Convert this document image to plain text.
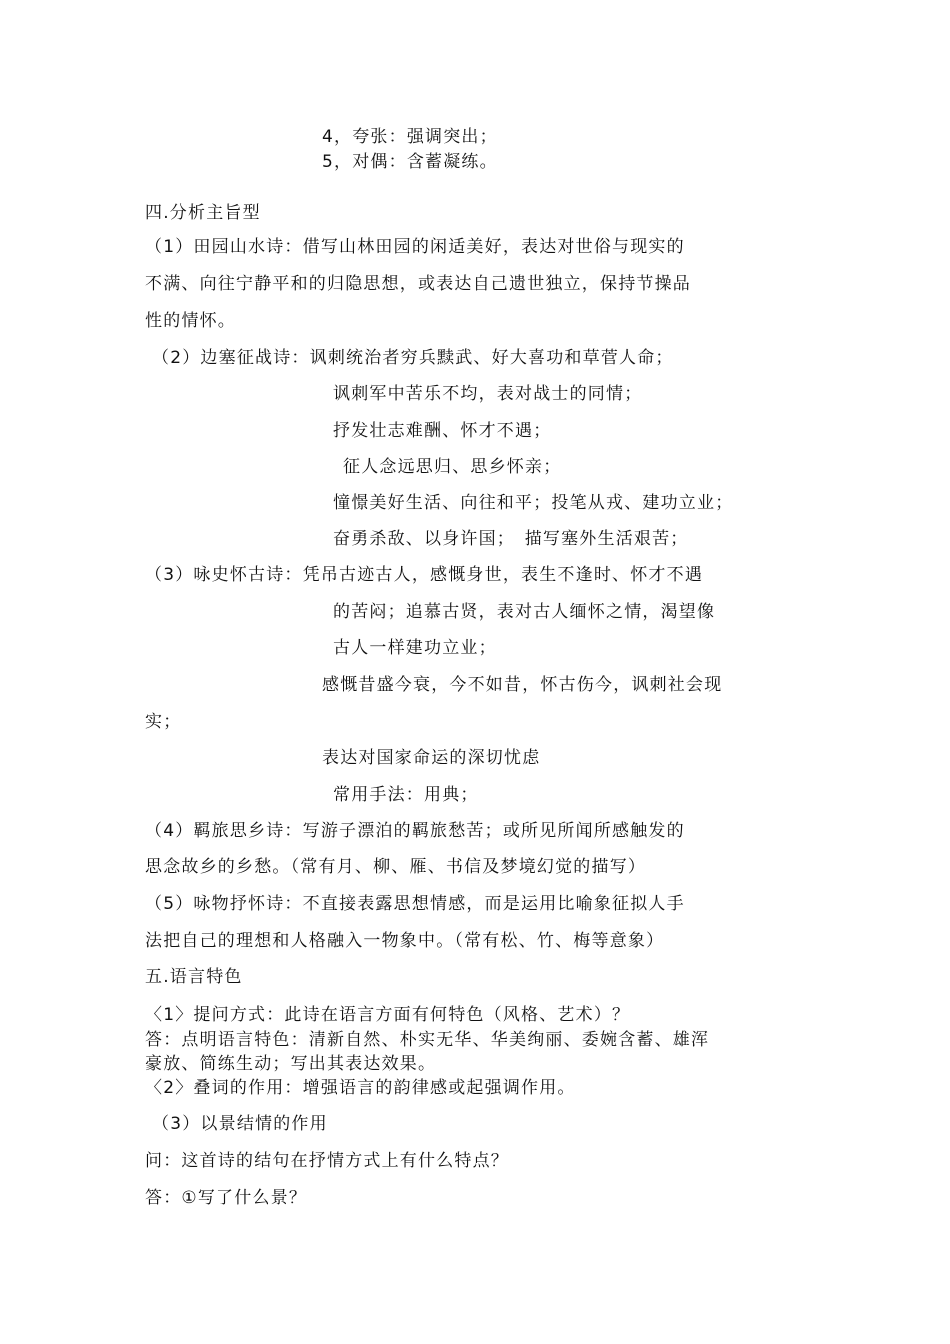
4，夸张：强调突出；
5，对偶：含蓄凝练。
四.分析主旨型
（1）田园山水诗：借写山林田园的闲适美好，表达对世俗与现实的
不满、向往宁静平和的归隐思想，或表达自己遗世独立，保持节操品
性的情怀。
（2）边塞征战诗：讽刺统治者穷兵黩武、好大喜功和草菅人命；
讽刺军中苦乐不均，表对战士的同情；
抒发壮志难酬、怀才不遇；
征人念远思归、思乡怀亲；
憧憬美好生活、向往和平；投笔从戎、建功立业；
奋勇杀敌、以身许国；　描写塞外生活艰苦；
（3）咏史怀古诗：凭吊古迹古人，感慨身世，表生不逢时、怀才不遇
的苦闷；追慕古贤，表对古人缅怀之情，渴望像
古人一样建功立业；
感慨昔盛今衰，今不如昔，怀古伤今，讽刺社会现
实；
表达对国家命运的深切忧虑
常用手法：用典；
（4）羁旅思乡诗：写游子漂泊的羁旅愁苦；或所见所闻所感触发的
思念故乡的乡愁。（常有月、柳、雁、书信及梦境幻觉的描写）
（5）咏物抒怀诗：不直接表露思想情感，而是运用比喻象征拟人手
法把自己的理想和人格融入一物象中。（常有松、竹、梅等意象）
五.语言特色
〈1〉提问方式：此诗在语言方面有何特色（风格、艺术）？
答：点明语言特色：清新自然、朴实无华、华美绚丽、委婉含蓄、雄浑
豪放、简练生动；写出其表达效果。
〈2〉叠词的作用：增强语言的韵律感或起强调作用。
（3）以景结情的作用
问：这首诗的结句在抒情方式上有什么特点？
答：①写了什么景？
